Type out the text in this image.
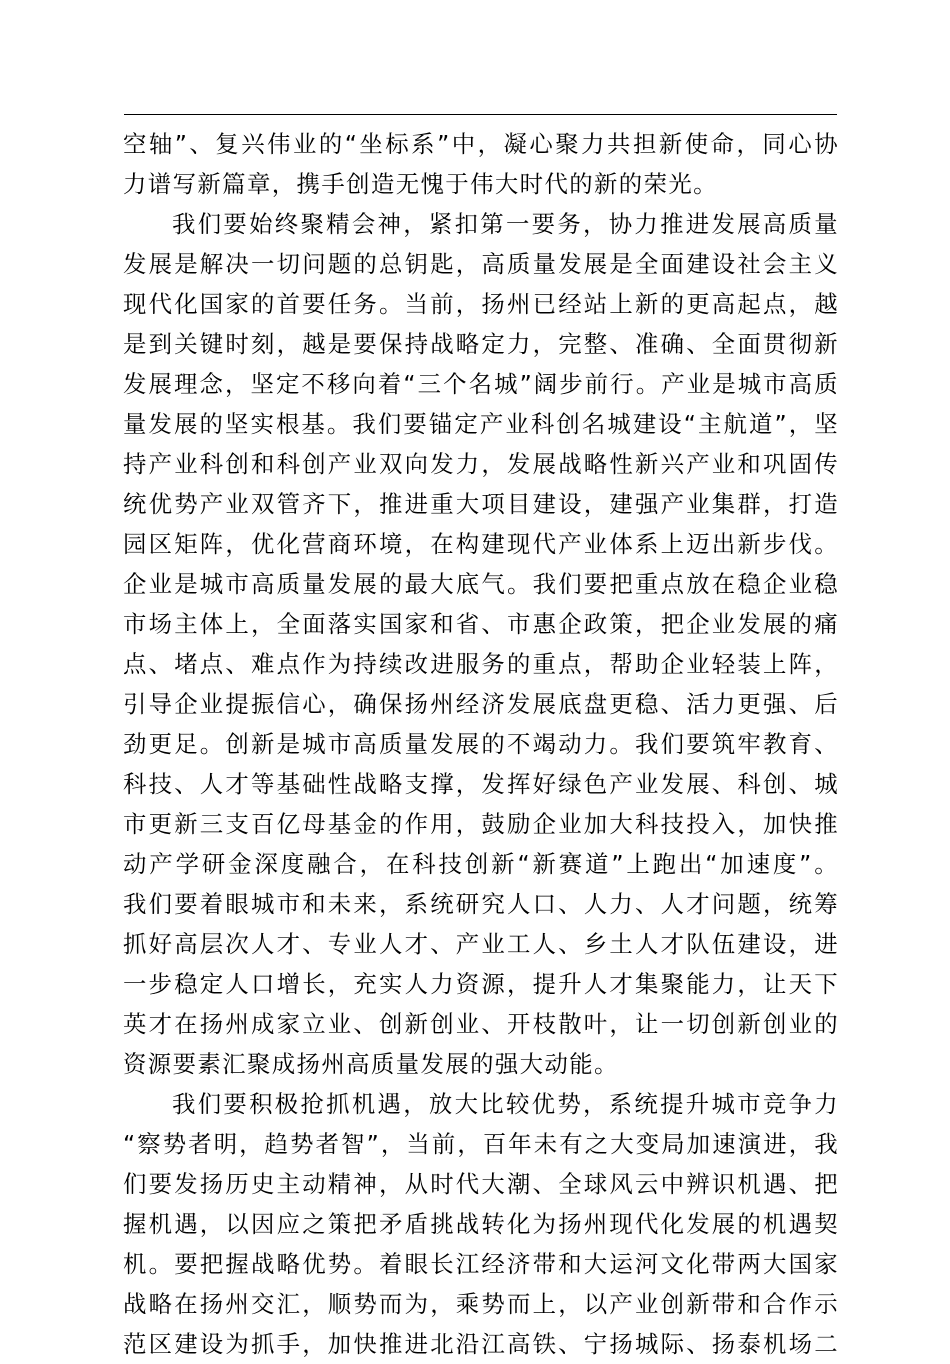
空轴”、复兴伟业的“坐标系”中，凝心聚力共担新使命，同心协
力谱写新篇章，携手创造无愧于伟大时代的新的荣光。
我们要始终聚精会神，紧扣第一要务，协力推进发展高质量
发展是解决一切问题的总钥匙，高质量发展是全面建设社会主义
现代化国家的首要任务。当前，扬州已经站上新的更高起点，越
是到关键时刻，越是要保持战略定力，完整、准确、全面贯彻新
发展理念，坚定不移向着“三个名城”阔步前行。产业是城市高质
量发展的坚实根基。我们要锚定产业科创名城建设“主航道”，坚
持产业科创和科创产业双向发力，发展战略性新兴产业和巩固传
统优势产业双管齐下，推进重大项目建设，建强产业集群，打造
园区矩阵，优化营商环境，在构建现代产业体系上迈出新步伐。
企业是城市高质量发展的最大底气。我们要把重点放在稳企业稳
市场主体上，全面落实国家和省、市惠企政策，把企业发展的痛
点、堵点、难点作为持续改进服务的重点，帮助企业轻装上阵，
引导企业提振信心，确保扬州经济发展底盘更稳、活力更强、后
劲更足。创新是城市高质量发展的不竭动力。我们要筑牢教育、
科技、人才等基础性战略支撑，发挥好绿色产业发展、科创、城
市更新三支百亿母基金的作用，鼓励企业加大科技投入，加快推
动产学研金深度融合，在科技创新“新赛道”上跑出“加速度”。
我们要着眼城市和未来，系统研究人口、人力、人才问题，统筹
抓好高层次人才、专业人才、产业工人、乡土人才队伍建设，进
一步稳定人口增长，充实人力资源，提升人才集聚能力，让天下
英才在扬州成家立业、创新创业、开枝散叶，让一切创新创业的
资源要素汇聚成扬州高质量发展的强大动能。
我们要积极抢抓机遇，放大比较优势，系统提升城市竞争力
“察势者明，趋势者智”，当前，百年未有之大变局加速演进，我
们要发扬历史主动精神，从时代大潮、全球风云中辨识机遇、把
握机遇，以因应之策把矛盾挑战转化为扬州现代化发展的机遇契
机。要把握战略优势。着眼长江经济带和大运河文化带两大国家
战略在扬州交汇，顺势而为，乘势而上，以产业创新带和合作示
范区建设为抓手，加快推进北沿江高铁、宁扬城际、扬泰机场二
